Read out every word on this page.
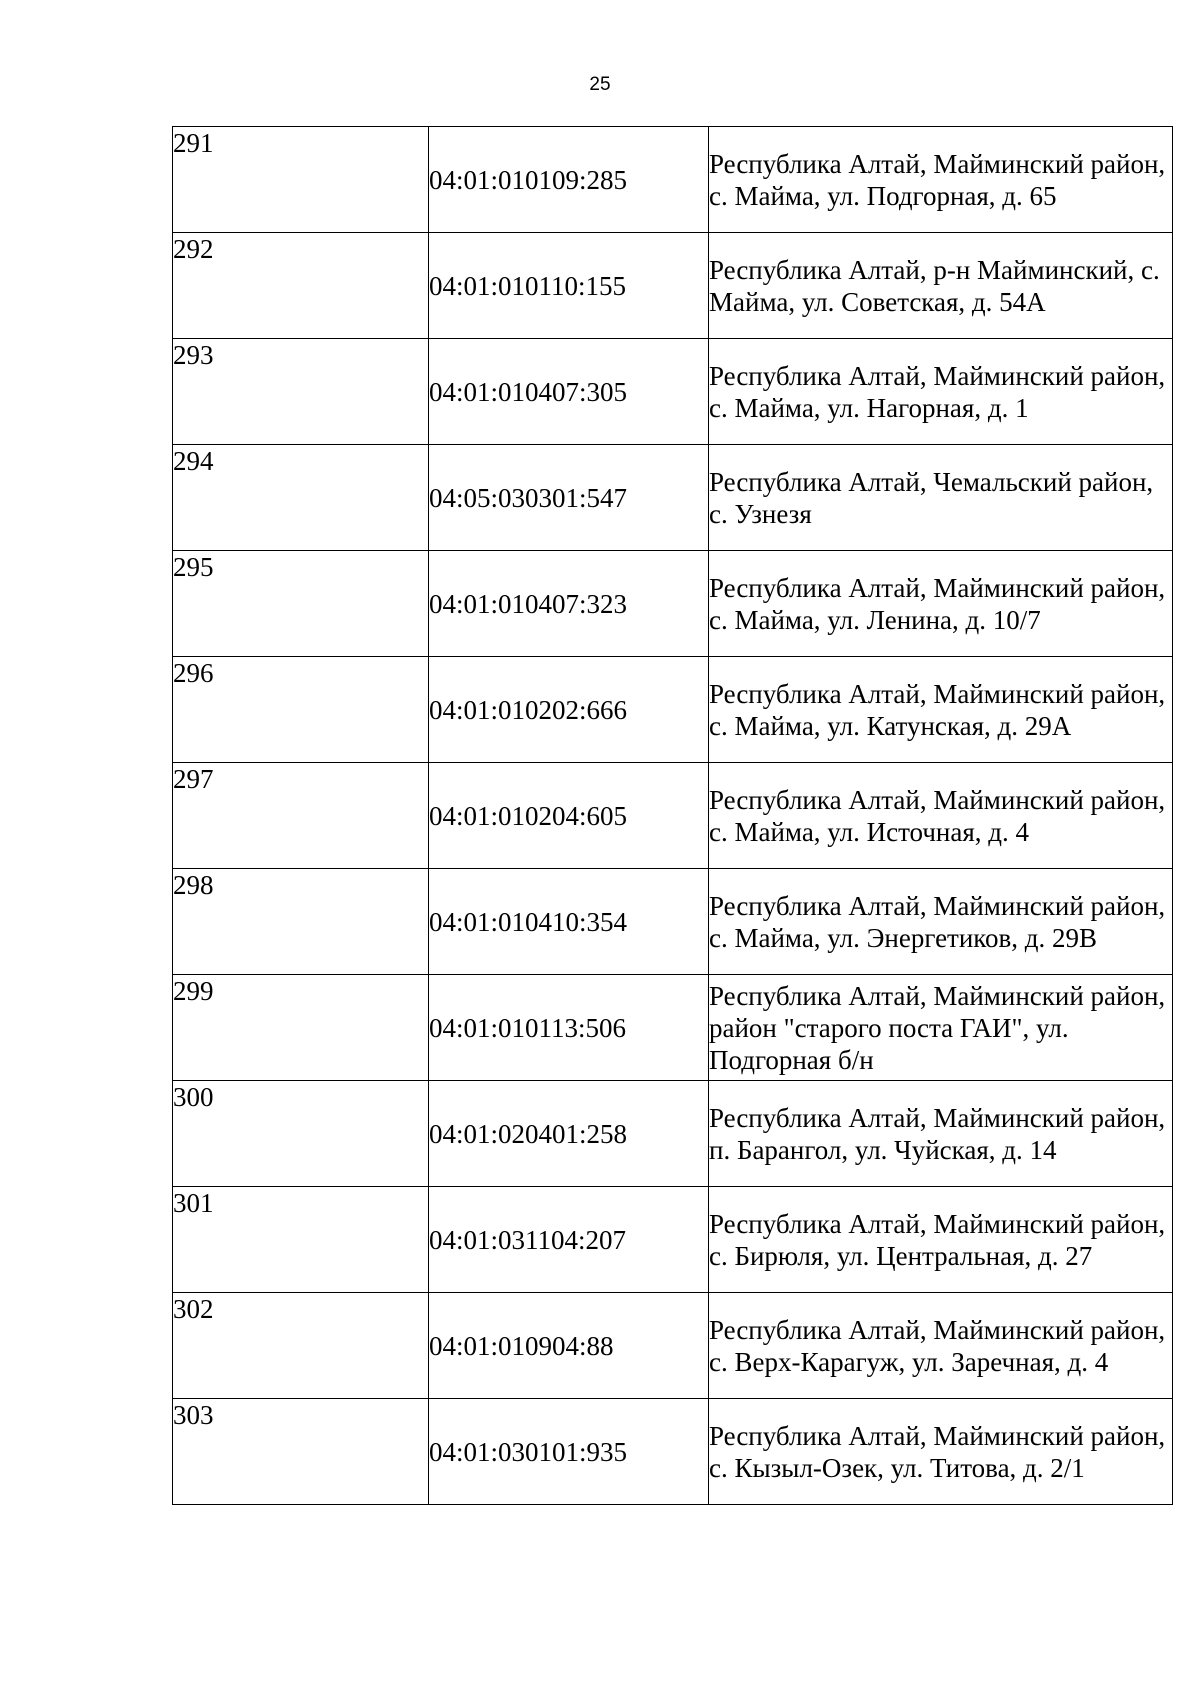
25
291	04:01:010109:285	Республика Алтай, Майминский район, с. Майма, ул. Подгорная, д. 65
292	04:01:010110:155	Республика Алтай, р-н Майминский, с. Майма, ул. Советская, д. 54А
293	04:01:010407:305	Республика Алтай, Майминский район, с. Майма, ул. Нагорная, д. 1
294	04:05:030301:547	Республика Алтай, Чемальский район, с. Узнезя
295	04:01:010407:323	Республика Алтай, Майминский район, с. Майма, ул. Ленина, д. 10/7
296	04:01:010202:666	Республика Алтай, Майминский район, с. Майма, ул. Катунская, д. 29А
297	04:01:010204:605	Республика Алтай, Майминский район, с. Майма, ул. Источная, д. 4
298	04:01:010410:354	Республика Алтай, Майминский район, с. Майма, ул. Энергетиков, д. 29В
299	04:01:010113:506	Республика Алтай, Майминский район, район "старого поста ГАИ", ул. Подгорная б/н
300	04:01:020401:258	Республика Алтай, Майминский район, п. Барангол, ул. Чуйская, д. 14
301	04:01:031104:207	Республика Алтай, Майминский район, с. Бирюля, ул. Центральная, д. 27
302	04:01:010904:88	Республика Алтай, Майминский район, с. Верх-Карагуж, ул. Заречная, д. 4
303	04:01:030101:935	Республика Алтай, Майминский район, с. Кызыл-Озек, ул. Титова, д. 2/1
